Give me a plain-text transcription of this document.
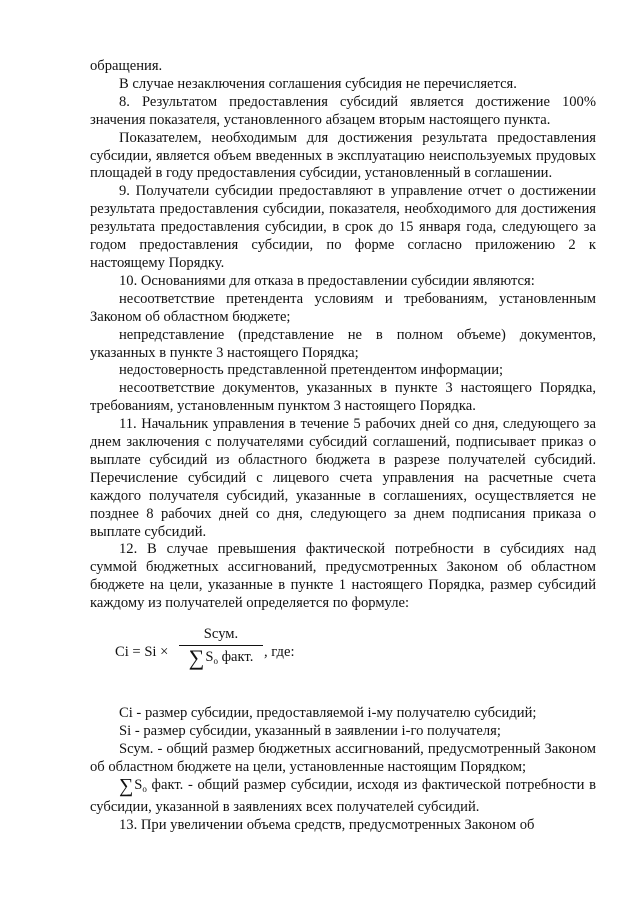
обращения.

В случае незаключения соглашения субсидия не перечисляется.

8. Результатом предоставления субсидий является достижение 100% значения показателя, установленного абзацем вторым настоящего пункта.

Показателем, необходимым для достижения результата предоставления субсидии, является объем введенных в эксплуатацию неиспользуемых прудовых площадей в году предоставления субсидии, установленный в соглашении.

9. Получатели субсидии предоставляют в управление отчет о достижении результата предоставления субсидии, показателя, необходимого для достижения результата предоставления субсидии, в срок до 15 января года, следующего за годом предоставления субсидии, по форме согласно приложению 2 к настоящему Порядку.

10. Основаниями для отказа в предоставлении субсидии являются:

несоответствие претендента условиям и требованиям, установленным Законом об областном бюджете;

непредставление (представление не в полном объеме) документов, указанных в пункте 3 настоящего Порядка;

недостоверность представленной претендентом информации;

несоответствие документов, указанных в пункте 3 настоящего Порядка, требованиям, установленным пунктом 3 настоящего Порядка.

11. Начальник управления в течение 5 рабочих дней со дня, следующего за днем заключения с получателями субсидий соглашений, подписывает приказ о выплате субсидий из областного бюджета в разрезе получателей субсидий. Перечисление субсидий с лицевого счета управления на расчетные счета каждого получателя субсидий, указанные в соглашениях, осуществляется не позднее 8 рабочих дней со дня, следующего за днем подписания приказа о выплате субсидий.

12. В случае превышения фактической потребности в субсидиях над суммой бюджетных ассигнований, предусмотренных Законом об областном бюджете на цели, указанные в пункте 1 настоящего Порядка, размер субсидий каждому из получателей определяется по формуле:

Ci = Si ×
Sсум.
$\sum S_о$ факт. , где:

Ci - размер субсидии, предоставляемой i-му получателю субсидий;

Si - размер субсидии, указанный в заявлении i-го получателя;

Sсум. - общий размер бюджетных ассигнований, предусмотренный Законом об областном бюджете на цели, установленные настоящим Порядком;

$\sum S_о$ факт. - общий размер субсидии, исходя из фактической потребности в субсидии, указанной в заявлениях всех получателей субсидий.

13. При увеличении объема средств, предусмотренных Законом об
